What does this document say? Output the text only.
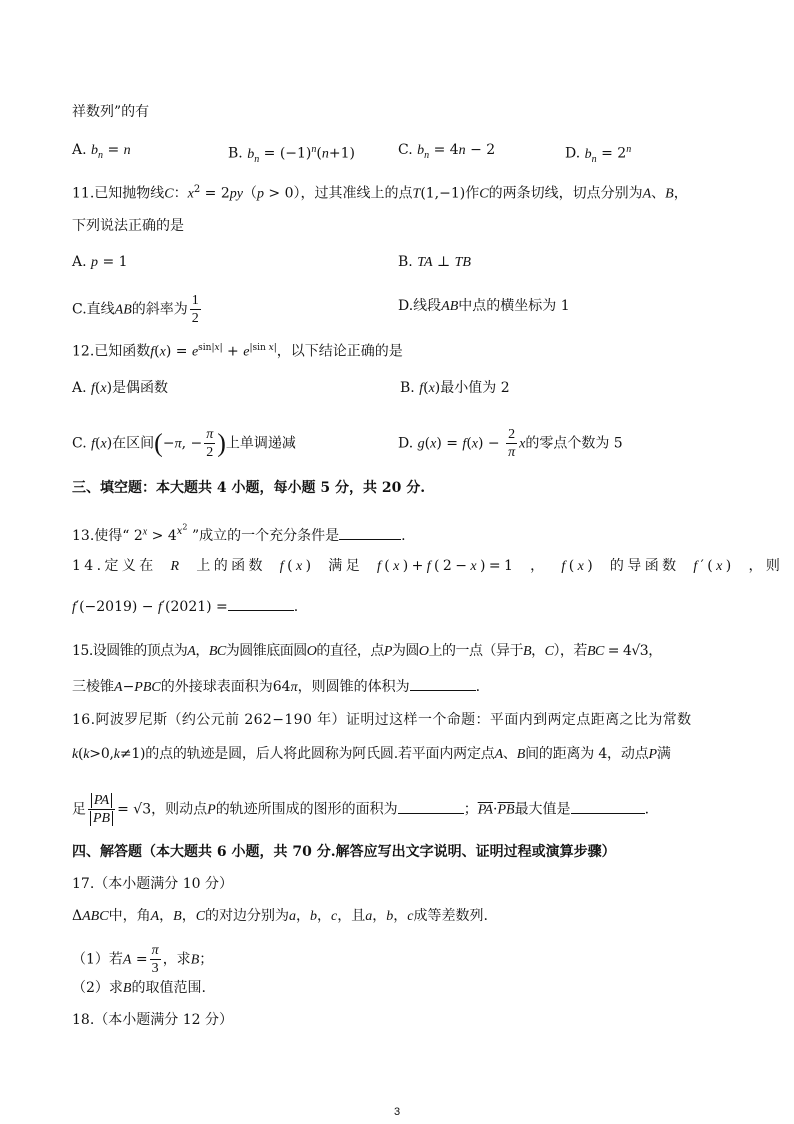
祥数列”的有
A. $b_n = n$	B. $b_n = (-1)^n(n+1)$	C. $b_n = 4n - 2$	D. $b_n = 2^n$
11.已知抛物线C：$x^2 = 2py(p > 0)$，过其准线上的点T(1,−1)作C的两条切线，切点分别为A、B，
下列说法正确的是
A. p = 1	B. TA ⊥ TB
C.直线AB的斜率为 $\frac{1}{2}$	D.线段AB中点的横坐标为 1
12.已知函数$f(x) = e^{sin|x|} + e^{|sin x|}$，以下结论正确的是
A. f(x)是偶函数	B. f(x)最小值为 2
C. f(x)在区间(−π, − $\frac{\pi}{2}$ )上单调递减	D. $g(x) = f(x) - \frac{2}{\pi}$ x的零点个数为 5
三、填空题：本大题共 4 小题，每小题 5 分，共 20 分.
13.使得“ $2^x > 4^{x^2}$ ”成立的一个充分条件是	.
14.定义在 R 上的函数 f(x) 满足 f(x)+f(2−x)=1 ， f(x) 的导函数 f′(x) ，则
f′(−2019) − f′(2021) =	.
15.设圆锥的顶点为A，BC为圆锥底面圆O的直径，点P为圆O上的一点（异于B，C），若BC = 4√3，
三棱锥A−PBC的外接球表面积为64π，则圆锥的体积为	.
16.阿波罗尼斯（约公元前 262−190 年）证明过这样一个命题：平面内到两定点距离之比为常数
k(k>0,k≠1)的点的轨迹是圆，后人将此圆称为阿氏圆.若平面内两定点A、B间的距离为 4，动点P满
足 $\frac{PA}{PB} = √3$，则动点P的轨迹所围成的图形的面积为	；$\overline{PA}\cdot\overline{PB}$最大值是	.
四、解答题（本大题共 6 小题，共 70 分.解答应写出文字说明、证明过程或演算步骤）
17.（本小题满分 10 分）
ΔABC中，角A，B，C的对边分别为a，b，c，且a，b，c成等差数列.
（1）若$A = \frac{\pi}{3}$ ，求B；
（2）求B的取值范围.
18.（本小题满分 12 分）
3
